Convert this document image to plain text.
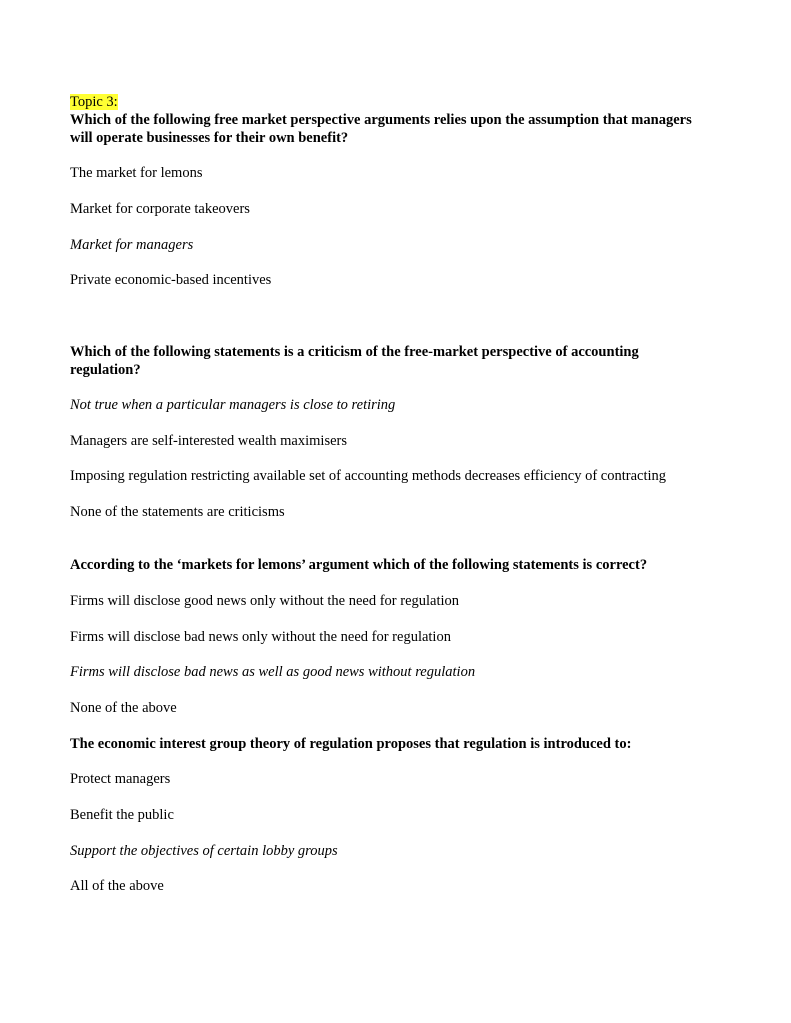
Topic 3:
Which of the following free market perspective arguments relies upon the assumption that managers will operate businesses for their own benefit?
The market for lemons
Market for corporate takeovers
Market for managers
Private economic-based incentives
Which of the following statements is a criticism of the free-market perspective of accounting regulation?
Not true when a particular managers is close to retiring
Managers are self-interested wealth maximisers
Imposing regulation restricting available set of accounting methods decreases efficiency of contracting
None of the statements are criticisms
According to the ‘markets for lemons’ argument which of the following statements is correct?
Firms will disclose good news only without the need for regulation
Firms will disclose bad news only without the need for regulation
Firms will disclose bad news as well as good news without regulation
None of the above
The economic interest group theory of regulation proposes that regulation is introduced to:
Protect managers
Benefit the public
Support the objectives of certain lobby groups
All of the above
